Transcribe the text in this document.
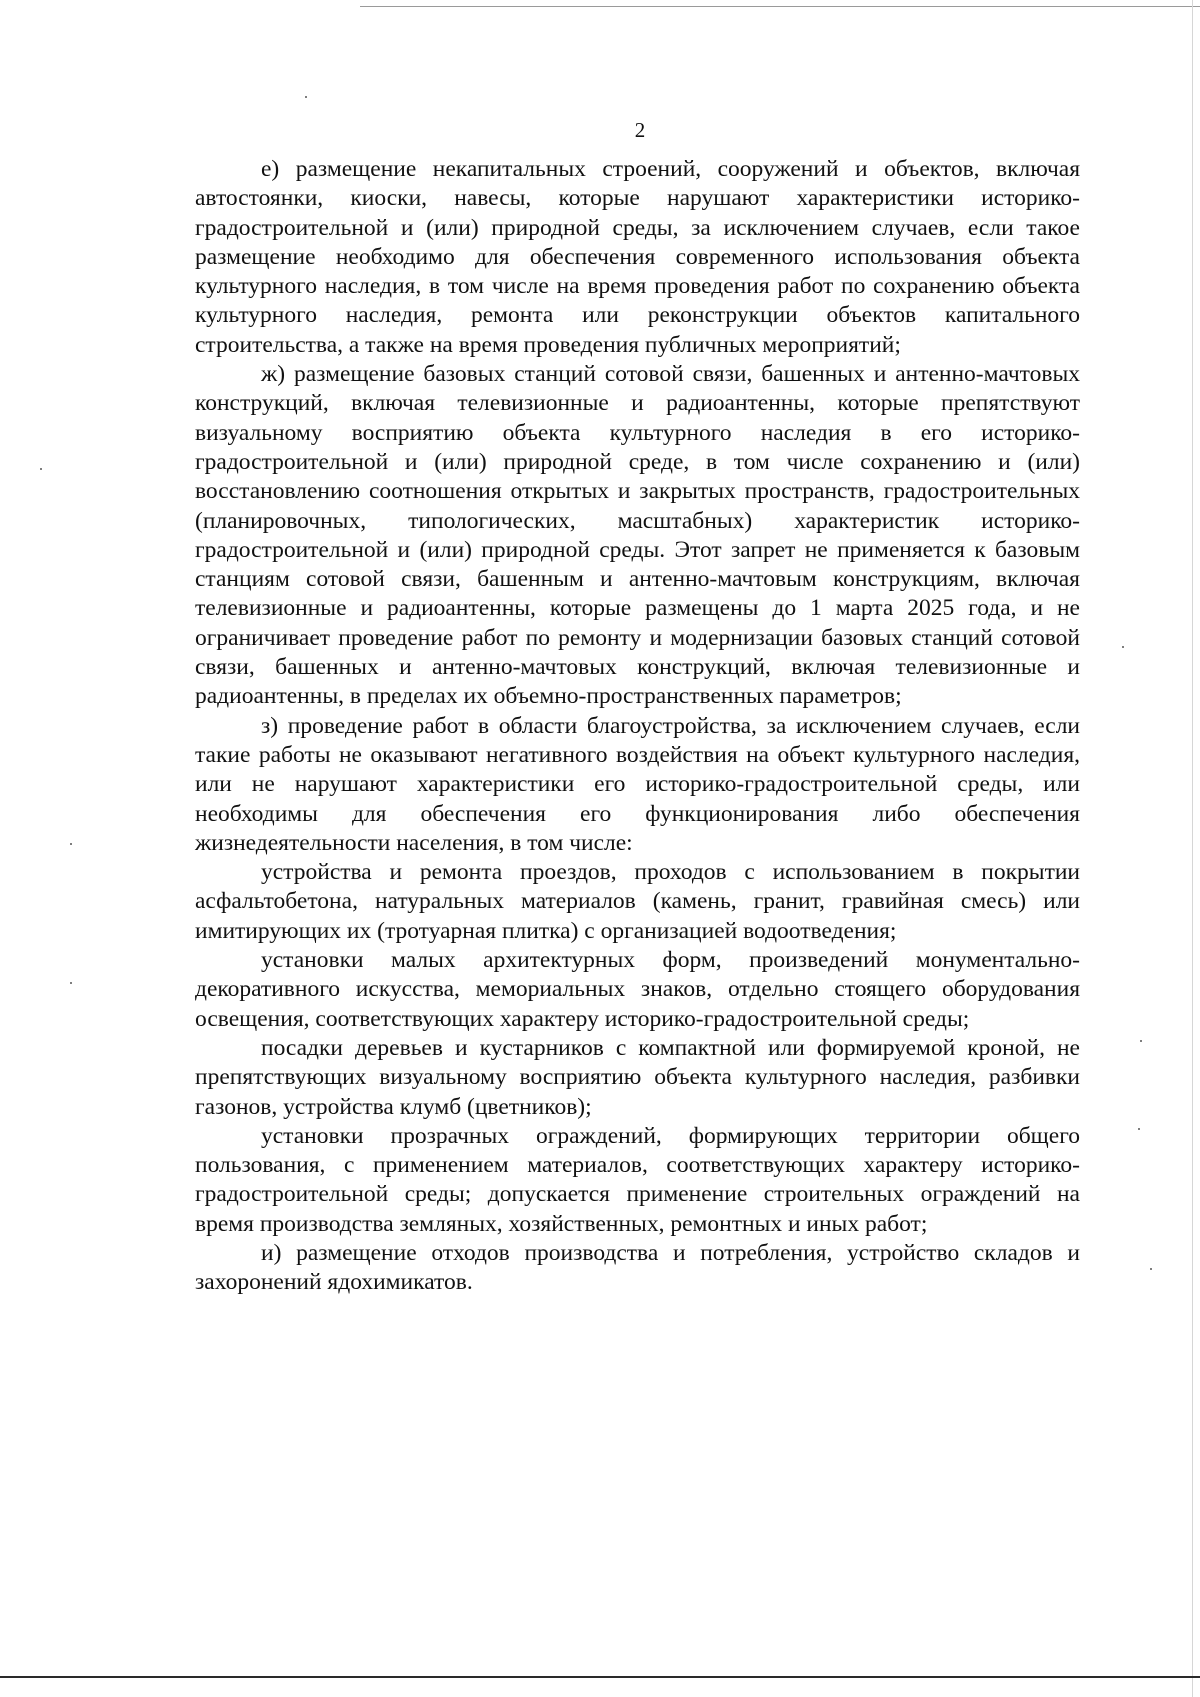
2

е) размещение некапитальных строений, сооружений и объектов, включая автостоянки, киоски, навесы, которые нарушают характеристики историко-градостроительной и (или) природной среды, за исключением случаев, если такое размещение необходимо для обеспечения современного использования объекта культурного наследия, в том числе на время проведения работ по сохранению объекта культурного наследия, ремонта или реконструкции объектов капитального строительства, а также на время проведения публичных мероприятий;

ж) размещение базовых станций сотовой связи, башенных и антенно-мачтовых конструкций, включая телевизионные и радиоантенны, которые препятствуют визуальному восприятию объекта культурного наследия в его историко-градостроительной и (или) природной среде, в том числе сохранению и (или) восстановлению соотношения открытых и закрытых пространств, градостроительных (планировочных, типологических, масштабных) характеристик историко-градостроительной и (или) природной среды. Этот запрет не применяется к базовым станциям сотовой связи, башенным и антенно-мачтовым конструкциям, включая телевизионные и радиоантенны, которые размещены до 1 марта 2025 года, и не ограничивает проведение работ по ремонту и модернизации базовых станций сотовой связи, башенных и антенно-мачтовых конструкций, включая телевизионные и радиоантенны, в пределах их объемно-пространственных параметров;

з) проведение работ в области благоустройства, за исключением случаев, если такие работы не оказывают негативного воздействия на объект культурного наследия, или не нарушают характеристики его историко-градостроительной среды, или необходимы для обеспечения его функционирования либо обеспечения жизнедеятельности населения, в том числе:

устройства и ремонта проездов, проходов с использованием в покрытии асфальтобетона, натуральных материалов (камень, гранит, гравийная смесь) или имитирующих их (тротуарная плитка) с организацией водоотведения;

установки малых архитектурных форм, произведений монументально-декоративного искусства, мемориальных знаков, отдельно стоящего оборудования освещения, соответствующих характеру историко-градостроительной среды;

посадки деревьев и кустарников с компактной или формируемой кроной, не препятствующих визуальному восприятию объекта культурного наследия, разбивки газонов, устройства клумб (цветников);

установки прозрачных ограждений, формирующих территории общего пользования, с применением материалов, соответствующих характеру историко-градостроительной среды; допускается применение строительных ограждений на время производства земляных, хозяйственных, ремонтных и иных работ;

и) размещение отходов производства и потребления, устройство складов и захоронений ядохимикатов.
